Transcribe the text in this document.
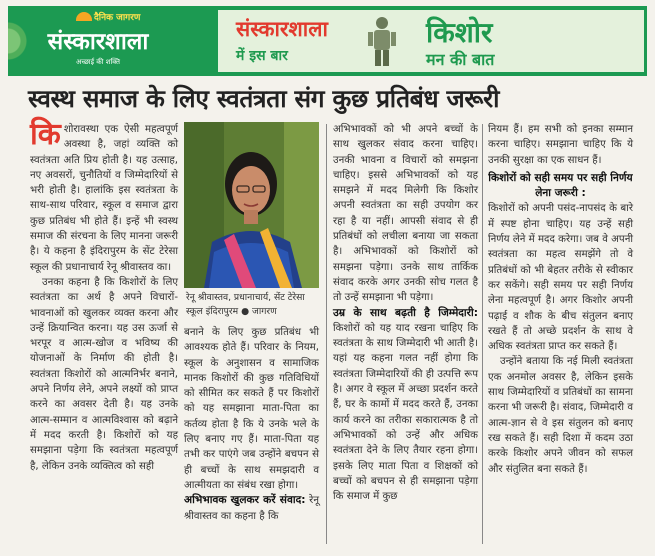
दैनिक जागरण
संस्कारशाला
अच्छाई की शक्ति
संस्कारशाला
में इस बार
किशोर
मन की बात
स्वस्थ समाज के लिए स्वतंत्रता संग कुछ प्रतिबंध जरूरी

किशोरावस्था एक ऐसी महत्वपूर्ण अवस्था है, जहां व्यक्ति को स्वतंत्रता अति प्रिय होती है। यह उत्साह, नए अवसरों, चुनौतियों व जिम्मेदारियों से भरी होती है। हालांकि इस स्वतंत्रता के साथ-साथ परिवार, स्कूल व समाज द्वारा कुछ प्रतिबंध भी होते हैं। इन्हें भी स्वस्थ समाज की संरचना के लिए मानना जरूरी है। ये कहना है इंदिरापुरम के सेंट टेरेसा स्कूल की प्रधानाचार्य रेनू श्रीवास्तव का।

उनका कहना है कि किशोरों के लिए स्वतंत्रता का अर्थ है अपने विचारों-भावनाओं को खुलकर व्यक्त करना और उन्हें क्रियान्वित करना। यह उस ऊर्जा से भरपूर व आत्म-खोज व भविष्य की योजनाओं के निर्माण की होती है। स्वतंत्रता किशोरों को आत्मनिर्भर बनाने, अपने निर्णय लेने, अपने लक्ष्यों को प्राप्त करने का अवसर देती है। यह उनके आत्म-सम्मान व आत्मविश्वास को बढ़ाने में मदद करती है। किशोरों को यह समझाना पड़ेगा कि स्वतंत्रता महत्वपूर्ण है, लेकिन उनके व्यक्तित्व को सही

रेनू श्रीवास्तव, प्रधानाचार्य, सेंट टेरेसा स्कूल इंदिरापुरम ● जागरण

बनाने के लिए कुछ प्रतिबंध भी आवश्यक होते हैं। परिवार के नियम, स्कूल के अनुशासन व सामाजिक मानक किशोरों की कुछ गतिविधियों को सीमित कर सकते हैं पर किशोरों को यह समझाना माता-पिता का कर्तव्य होता है कि ये उनके भले के लिए बनाए गए हैं। माता-पिता यह तभी कर पाएंगे जब उन्होंने बचपन से ही बच्चों के साथ समझदारी व आत्मीयता का संबंध रखा होगा।

अभिभावक खुलकर करें संवाद: रेनू श्रीवास्तव का कहना है कि

अभिभावकों को भी अपने बच्चों के साथ खुलकर संवाद करना चाहिए। उनकी भावना व विचारों को समझना चाहिए। इससे अभिभावकों को यह समझने में मदद मिलेगी कि किशोर अपनी स्वतंत्रता का सही उपयोग कर रहा है या नहीं। आपसी संवाद से ही प्रतिबंधों को लचीला बनाया जा सकता है। अभिभावकों को किशोरों को समझना पड़ेगा। उनके साथ तार्किक संवाद करके अगर उनकी सोच गलत है तो उन्हें समझाना भी पड़ेगा।

उम्र के साथ बढ़ती है जिम्मेदारी: किशोरों को यह याद रखना चाहिए कि स्वतंत्रता के साथ जिम्मेदारी भी आती है। यहां यह कहना गलत नहीं होगा कि स्वतंत्रता जिम्मेदारियों की ही उत्पत्ति रूप है। अगर वे स्कूल में अच्छा प्रदर्शन करते हैं, घर के कामों में मदद करते हैं, उनका कार्य करने का तरीका सकारात्मक है तो अभिभावकों को उन्हें और अधिक स्वतंत्रता देने के लिए तैयार रहना होगा। इसके लिए माता पिता व शिक्षकों को बच्चों को बचपन से ही समझाना पड़ेगा कि समाज में कुछ

नियम हैं। हम सभी को इनका सम्मान करना चाहिए। समझाना चाहिए कि ये उनकी सुरक्षा का एक साधन हैं।

किशोरों को सही समय पर सही निर्णय लेना जरूरी :

किशोरों को अपनी पसंद-नापसंद के बारे में स्पष्ट होना चाहिए। यह उन्हें सही निर्णय लेने में मदद करेगा। जब वे अपनी स्वतंत्रता का महत्व समझेंगे तो वे प्रतिबंधों को भी बेहतर तरीके से स्वीकार कर सकेंगे। सही समय पर सही निर्णय लेना महत्वपूर्ण है। अगर किशोर अपनी पढ़ाई व शौक के बीच संतुलन बनाए रखते हैं तो अच्छे प्रदर्शन के साथ वे अधिक स्वतंत्रता प्राप्त कर सकते हैं।

उन्होंने बताया कि नई मिली स्वतंत्रता एक अनमोल अवसर है, लेकिन इसके साथ जिम्मेदारियों व प्रतिबंधों का सामना करना भी जरूरी है। संवाद, जिम्मेदारी व आत्म-ज्ञान से वे इस संतुलन को बनाए रख सकते हैं। सही दिशा में कदम उठा करके किशोर अपने जीवन को सफल और संतुलित बना सकते हैं।
